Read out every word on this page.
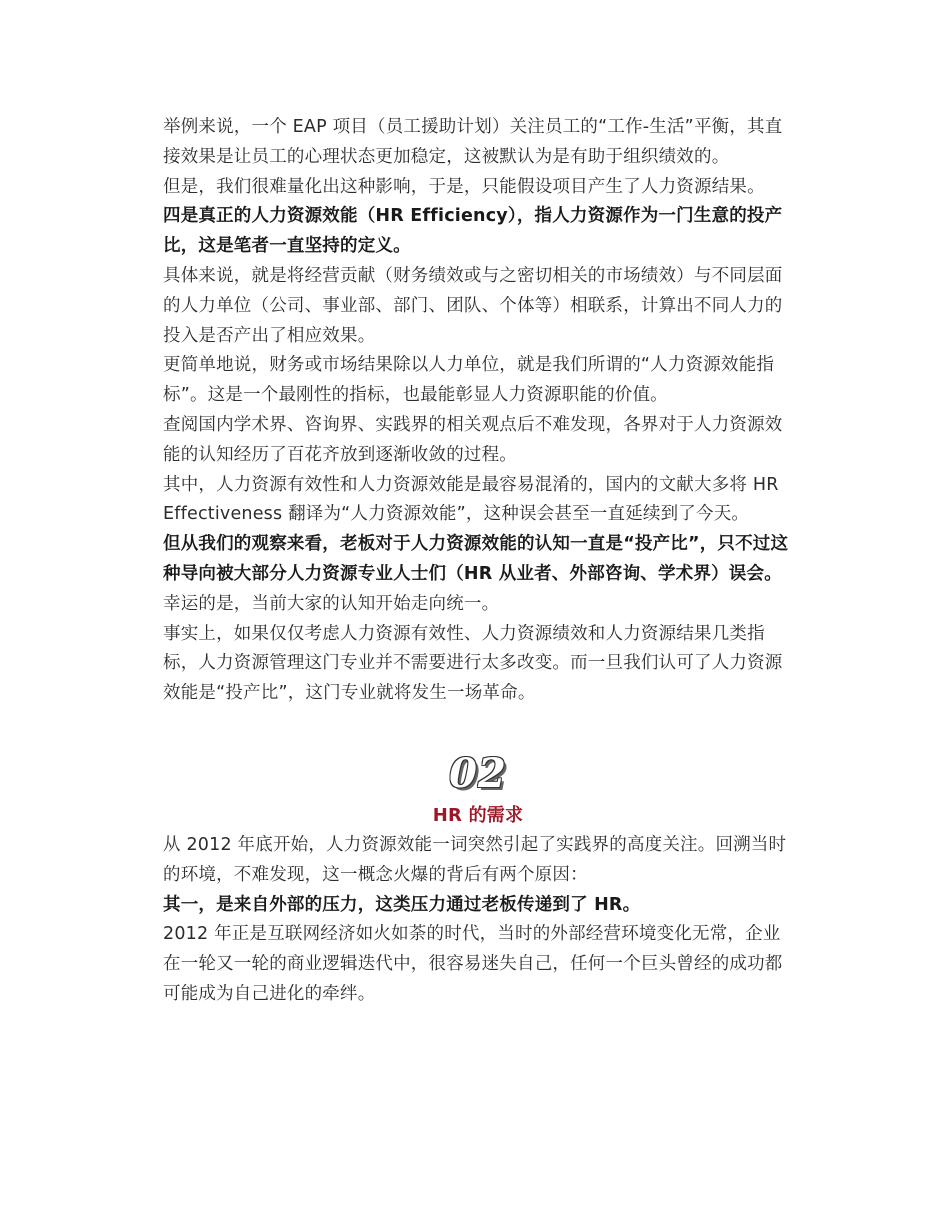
举例来说，一个 EAP 项目（员工援助计划）关注员工的“工作-生活”平衡，其直接效果是让员工的心理状态更加稳定，这被默认为是有助于组织绩效的。

但是，我们很难量化出这种影响，于是，只能假设项目产生了人力资源结果。

四是真正的人力资源效能（HR Efficiency），指人力资源作为一门生意的投产比，这是笔者一直坚持的定义。

具体来说，就是将经营贡献（财务绩效或与之密切相关的市场绩效）与不同层面的人力单位（公司、事业部、部门、团队、个体等）相联系，计算出不同人力的投入是否产出了相应效果。

更简单地说，财务或市场结果除以人力单位，就是我们所谓的“人力资源效能指标”。这是一个最刚性的指标，也最能彰显人力资源职能的价值。

查阅国内学术界、咨询界、实践界的相关观点后不难发现，各界对于人力资源效能的认知经历了百花齐放到逐渐收敛的过程。

其中，人力资源有效性和人力资源效能是最容易混淆的，国内的文献大多将 HR Effectiveness 翻译为“人力资源效能”，这种误会甚至一直延续到了今天。

但从我们的观察来看，老板对于人力资源效能的认知一直是“投产比”，只不过这种导向被大部分人力资源专业人士们（HR 从业者、外部咨询、学术界）误会。幸运的是，当前大家的认知开始走向统一。

事实上，如果仅仅考虑人力资源有效性、人力资源绩效和人力资源结果几类指标，人力资源管理这门专业并不需要进行太多改变。而一旦我们认可了人力资源效能是“投产比”，这门专业就将发生一场革命。

02
HR 的需求

从 2012 年底开始，人力资源效能一词突然引起了实践界的高度关注。回溯当时的环境，不难发现，这一概念火爆的背后有两个原因：

其一，是来自外部的压力，这类压力通过老板传递到了 HR。

2012 年正是互联网经济如火如荼的时代，当时的外部经营环境变化无常，企业在一轮又一轮的商业逻辑迭代中，很容易迷失自己，任何一个巨头曾经的成功都可能成为自己进化的牵绊。
